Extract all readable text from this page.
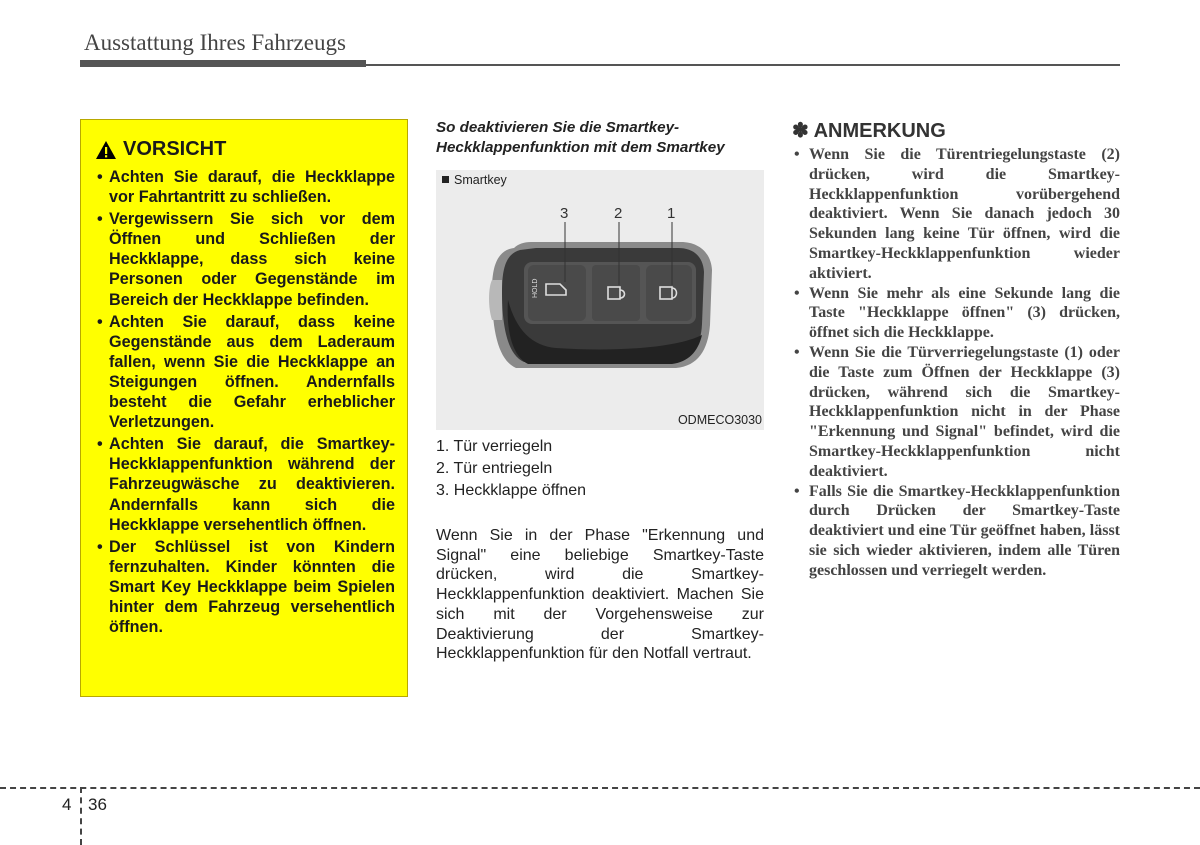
Ausstattung Ihres Fahrzeugs
VORSICHT
• Achten Sie darauf, die Heckklappe vor Fahrtantritt zu schließen.
• Vergewissern Sie sich vor dem Öffnen und Schließen der Heckklappe, dass sich keine Personen oder Gegenstände im Bereich der Heckklappe befinden.
• Achten Sie darauf, dass keine Gegenstände aus dem Laderaum fallen, wenn Sie die Heckklappe an Steigungen öffnen. Andernfalls besteht die Gefahr erheblicher Verletzungen.
• Achten Sie darauf, die Smartkey-Heckklappenfunktion während der Fahrzeugwäsche zu deaktivieren. Andernfalls kann sich die Heckklappe versehentlich öffnen.
• Der Schlüssel ist von Kindern fernzuhalten. Kinder könnten die Smart Key Heckklappe beim Spielen hinter dem Fahrzeug versehentlich öffnen.
So deaktivieren Sie die Smartkey-Heckklappenfunktion mit dem Smartkey
Smartkey
HOLD
3	2	1
ODMECO3030
1. Tür verriegeln
2. Tür entriegeln
3. Heckklappe öffnen
Wenn Sie in der Phase "Erkennung und Signal" eine beliebige Smartkey-Taste drücken, wird die Smartkey-Heckklappenfunktion deaktiviert. Machen Sie sich mit der Vorgehensweise zur Deaktivierung der Smartkey-Heckklappenfunktion für den Notfall vertraut.
✽ ANMERKUNG
• Wenn Sie die Türentriegelungstaste (2) drücken, wird die Smartkey-Heckklappenfunktion vorübergehend deaktiviert. Wenn Sie danach jedoch 30 Sekunden lang keine Tür öffnen, wird die Smartkey-Heckklappenfunktion wieder aktiviert.
• Wenn Sie mehr als eine Sekunde lang die Taste "Heckklappe öffnen" (3) drücken, öffnet sich die Heckklappe.
• Wenn Sie die Türverriegelungstaste (1) oder die Taste zum Öffnen der Heckklappe (3) drücken, während sich die Smartkey-Heckklappenfunktion nicht in der Phase "Erkennung und Signal" befindet, wird die Smartkey-Heckklappenfunktion nicht deaktiviert.
• Falls Sie die Smartkey-Heckklappenfunktion durch Drücken der Smartkey-Taste deaktiviert und eine Tür geöffnet haben, lässt sie sich wieder aktivieren, indem alle Türen geschlossen und verriegelt werden.
4 36
